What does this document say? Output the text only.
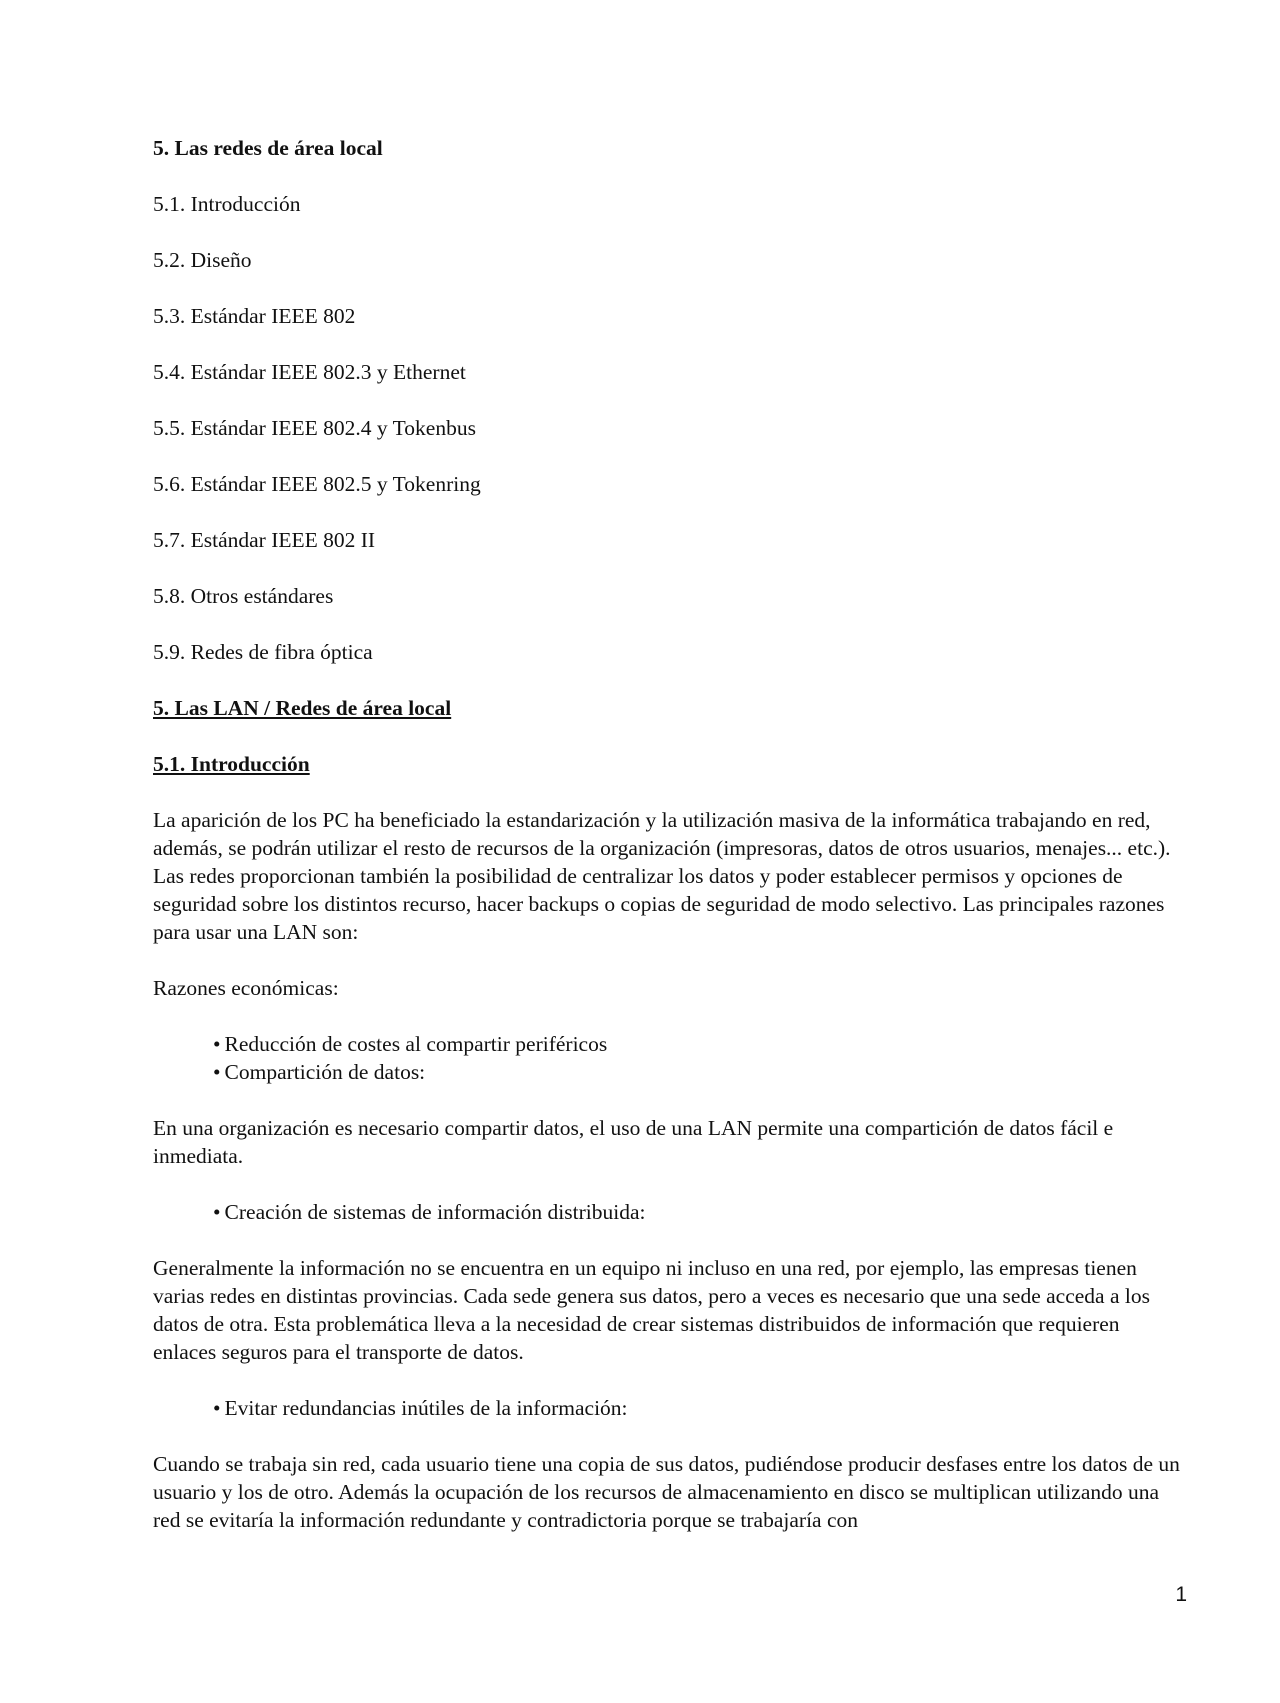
5. Las redes de área local

5.1. Introducción

5.2. Diseño

5.3. Estándar IEEE 802

5.4. Estándar IEEE 802.3 y Ethernet

5.5. Estándar IEEE 802.4 y Tokenbus

5.6. Estándar IEEE 802.5 y Tokenring

5.7. Estándar IEEE 802 II

5.8. Otros estándares

5.9. Redes de fibra óptica

5. Las LAN / Redes de área local
5.1. Introducción

La aparición de los PC ha beneficiado la estandarización y la utilización masiva de la informática trabajando en red, además, se podrán utilizar el resto de recursos de la organización (impresoras, datos de otros usuarios, menajes... etc.). Las redes proporcionan también la posibilidad de centralizar los datos y poder establecer permisos y opciones de seguridad sobre los distintos recurso, hacer backups o copias de seguridad de modo selectivo. Las principales razones para usar una LAN son:

Razones económicas:

• Reducción de costes al compartir periféricos
• Compartición de datos:

En una organización es necesario compartir datos, el uso de una LAN permite una compartición de datos fácil e inmediata.

• Creación de sistemas de información distribuida:

Generalmente la información no se encuentra en un equipo ni incluso en una red, por ejemplo, las empresas tienen varias redes en distintas provincias. Cada sede genera sus datos, pero a veces es necesario que una sede acceda a los datos de otra. Esta problemática lleva a la necesidad de crear sistemas distribuidos de información que requieren enlaces seguros para el transporte de datos.

• Evitar redundancias inútiles de la información:

Cuando se trabaja sin red, cada usuario tiene una copia de sus datos, pudiéndose producir desfases entre los datos de un usuario y los de otro. Además la ocupación de los recursos de almacenamiento en disco se multiplican utilizando una red se evitaría la información redundante y contradictoria porque se trabajaría con

1
